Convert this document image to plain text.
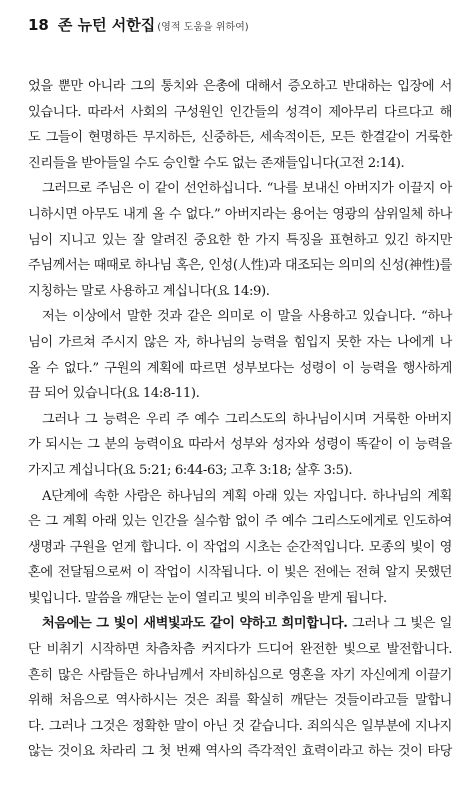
18 존 뉴턴 서한집 (영적 도움을 위하여)

었을 뿐만 아니라 그의 통치와 은총에 대해서 증오하고 반대하는 입장에 서
있습니다. 따라서 사회의 구성원인 인간들의 성격이 제아무리 다르다고 해
도 그들이 현명하든 무지하든, 신중하든, 세속적이든, 모든 한결같이 거룩한
진리들을 받아들일 수도 승인할 수도 없는 존재들입니다(고전 2:14).

그러므로 주님은 이 같이 선언하십니다. “나를 보내신 아버지가 이끌지 아
니하시면 아무도 내게 올 수 없다.” 아버지라는 용어는 영광의 삼위일체 하나
님이 지니고 있는 잘 알려진 중요한 한 가지 특징을 표현하고 있긴 하지만
주님께서는 때때로 하나님 혹은, 인성(人性)과 대조되는 의미의 신성(神性)를
지칭하는 말로 사용하고 계십니다(요 14:9).

저는 이상에서 말한 것과 같은 의미로 이 말을 사용하고 있습니다. “하나
님이 가르쳐 주시지 않은 자, 하나님의 능력을 힘입지 못한 자는 나에게 나
올 수 없다.” 구원의 계획에 따르면 성부보다는 성령이 이 능력을 행사하게
끔 되어 있습니다(요 14:8-11).

그러나 그 능력은 우리 주 예수 그리스도의 하나님이시며 거룩한 아버지
가 되시는 그 분의 능력이요 따라서 성부와 성자와 성령이 똑같이 이 능력을
가지고 계십니다(요 5:21; 6:44-63; 고후 3:18; 살후 3:5).

A단계에 속한 사람은 하나님의 계획 아래 있는 자입니다. 하나님의 계획
은 그 계획 아래 있는 인간을 실수함 없이 주 예수 그리스도에게로 인도하여
생명과 구원을 얻게 합니다. 이 작업의 시초는 순간적입니다. 모종의 빛이 영
혼에 전달됨으로써 이 작업이 시작됩니다. 이 빛은 전에는 전혀 알지 못했던
빛입니다. 말씀을 깨닫는 눈이 열리고 빛의 비추임을 받게 됩니다.

처음에는 그 빛이 새벽빛과도 같이 약하고 희미합니다. 그러나 그 빛은 일
단 비취기 시작하면 차츰차츰 커지다가 드디어 완전한 빛으로 발전합니다.
흔히 많은 사람들은 하나님께서 자비하심으로 영혼을 자기 자신에게 이끌기
위해 처음으로 역사하시는 것은 죄를 확실히 깨닫는 것들이라고들 말합니
다. 그러나 그것은 정확한 말이 아닌 것 같습니다. 죄의식은 일부분에 지나지
않는 것이요 차라리 그 첫 번째 역사의 즉각적인 효력이라고 하는 것이 타당
